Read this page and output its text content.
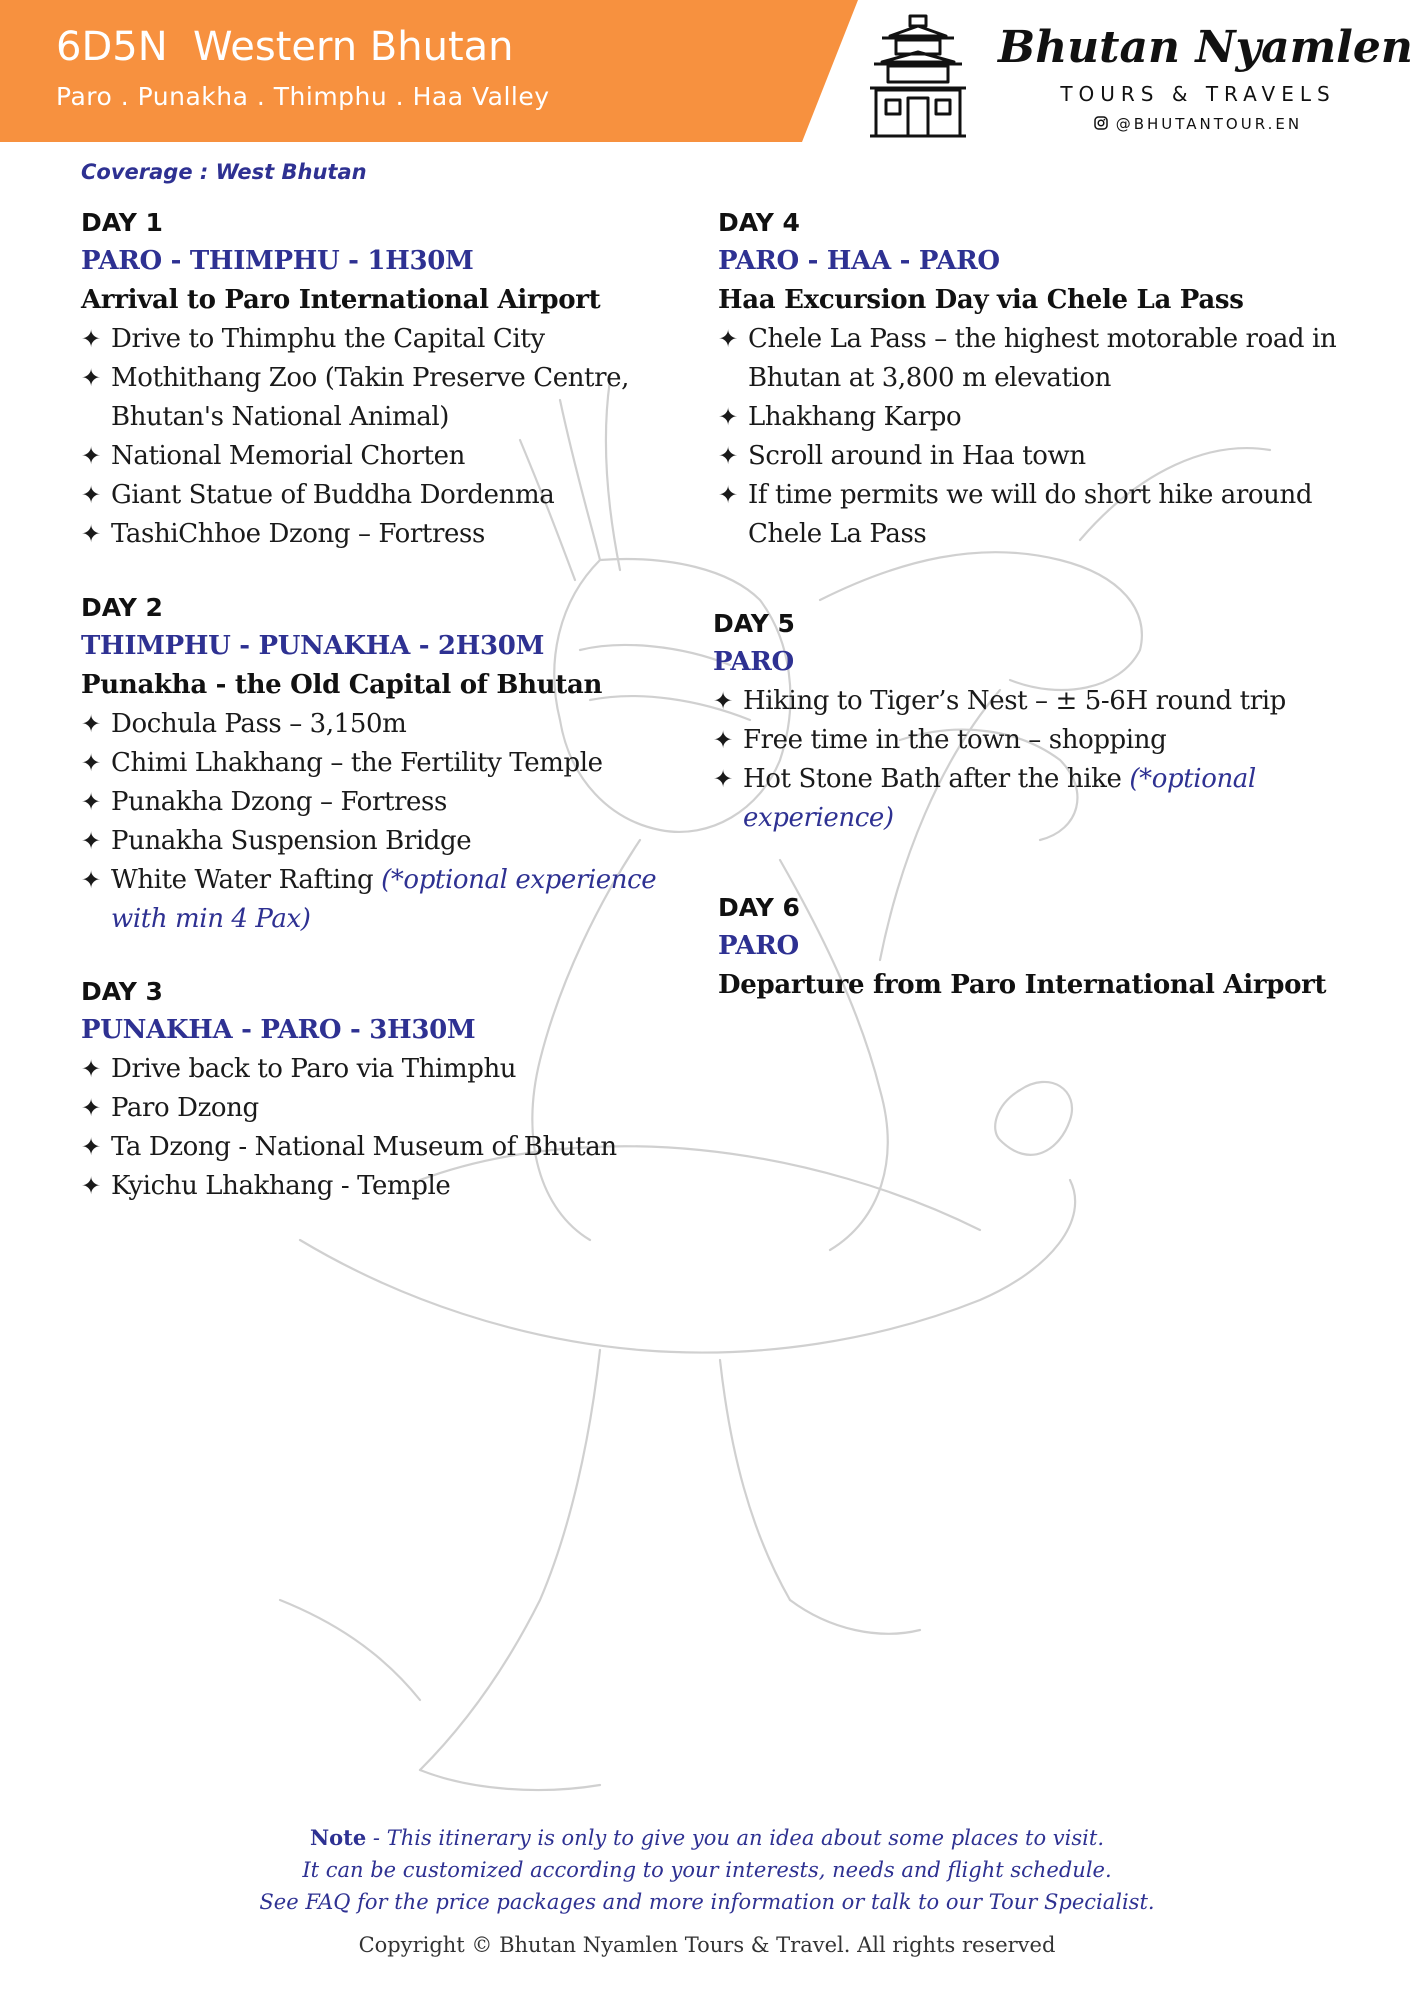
6D5N  Western Bhutan
Paro . Punakha . Thimphu . Haa Valley
Bhutan Nyamlen
TOURS & TRAVELS
@BHUTANTOUR.EN
Coverage : West Bhutan
DAY 1
PARO - THIMPHU - 1H30M
Arrival to Paro International Airport
✦ Drive to Thimphu the Capital City
✦ Mothithang Zoo (Takin Preserve Centre, Bhutan's National Animal)
✦ National Memorial Chorten
✦ Giant Statue of Buddha Dordenma
✦ TashiChhoe Dzong – Fortress
DAY 2
THIMPHU - PUNAKHA - 2H30M
Punakha - the Old Capital of Bhutan
✦ Dochula Pass – 3,150m
✦ Chimi Lhakhang – the Fertility Temple
✦ Punakha Dzong – Fortress
✦ Punakha Suspension Bridge
✦ White Water Rafting (*optional experience with min 4 Pax)
DAY 3
PUNAKHA - PARO - 3H30M
✦ Drive back to Paro via Thimphu
✦ Paro Dzong
✦ Ta Dzong - National Museum of Bhutan
✦ Kyichu Lhakhang - Temple
DAY 4
PARO - HAA - PARO
Haa Excursion Day via Chele La Pass
✦ Chele La Pass – the highest motorable road in Bhutan at 3,800 m elevation
✦ Lhakhang Karpo
✦ Scroll around in Haa town
✦ If time permits we will do short hike around Chele La Pass
DAY 5
PARO
✦ Hiking to Tiger’s Nest – ± 5-6H round trip
✦ Free time in the town – shopping
✦ Hot Stone Bath after the hike (*optional experience)
DAY 6
PARO
Departure from Paro International Airport

Note - This itinerary is only to give you an idea about some places to visit.

It can be customized according to your interests, needs and flight schedule.

See FAQ for the price packages and more information or talk to our Tour Specialist.

Copyright © Bhutan Nyamlen Tours & Travel. All rights reserved
